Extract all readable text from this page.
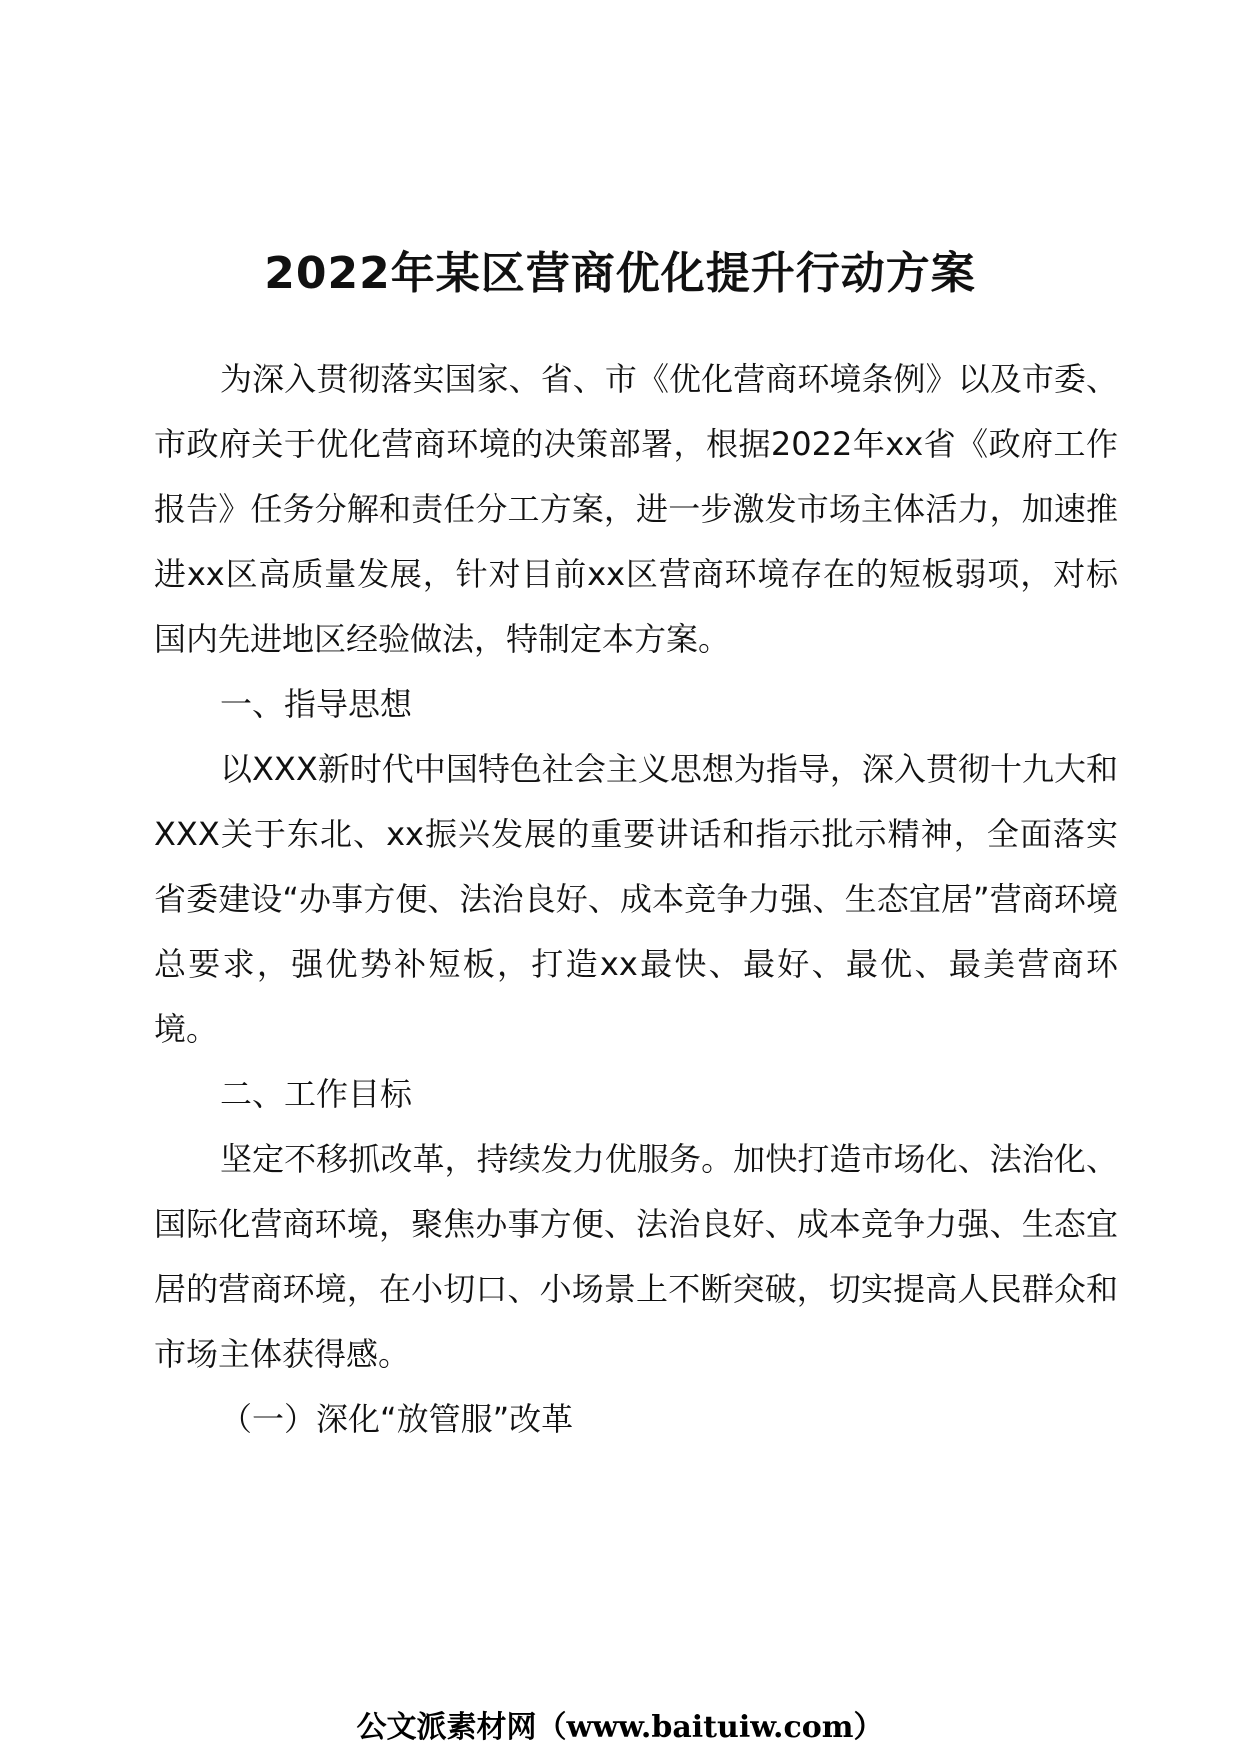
2022年某区营商优化提升行动方案

为深入贯彻落实国家、省、市《优化营商环境条例》以及市委、市政府关于优化营商环境的决策部署，根据2022年xx省《政府工作报告》任务分解和责任分工方案，进一步激发市场主体活力，加速推进xx区高质量发展，针对目前xx区营商环境存在的短板弱项，对标国内先进地区经验做法，特制定本方案。

一、指导思想

以XXX新时代中国特色社会主义思想为指导，深入贯彻十九大和XXX关于东北、xx振兴发展的重要讲话和指示批示精神，全面落实省委建设“办事方便、法治良好、成本竞争力强、生态宜居”营商环境总要求，强优势补短板，打造xx最快、最好、最优、最美营商环境。

二、工作目标

坚定不移抓改革，持续发力优服务。加快打造市场化、法治化、国际化营商环境，聚焦办事方便、法治良好、成本竞争力强、生态宜居的营商环境，在小切口、小场景上不断突破，切实提高人民群众和市场主体获得感。

（一）深化“放管服”改革

公文派素材网（www.baituiw.com）
